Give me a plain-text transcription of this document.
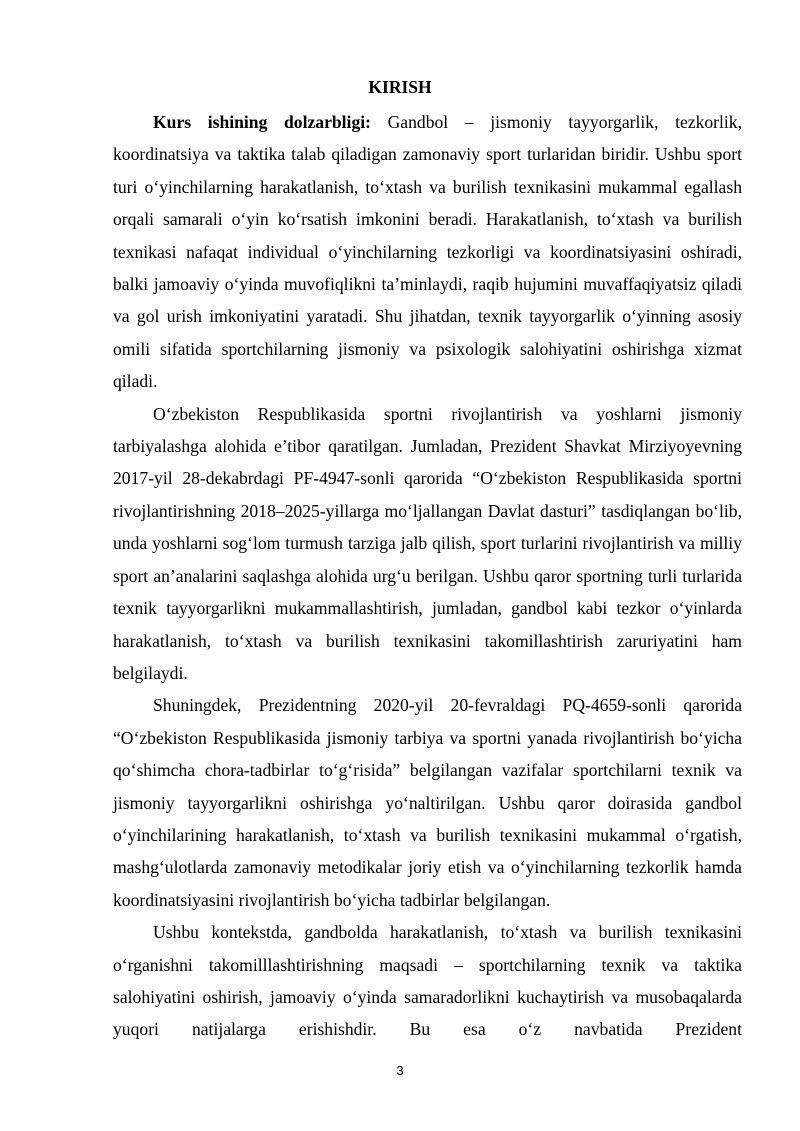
KIRISH

Kurs ishining dolzarbligi: Gandbol – jismoniy tayyorgarlik, tezkorlik, koordinatsiya va taktika talab qiladigan zamonaviy sport turlaridan biridir. Ushbu sport turi o‘yinchilarning harakatlanish, to‘xtash va burilish texnikasini mukammal egallash orqali samarali o‘yin ko‘rsatish imkonini beradi. Harakatlanish, to‘xtash va burilish texnikasi nafaqat individual o‘yinchilarning tezkorligi va koordinatsiyasini oshiradi, balki jamoaviy o‘yinda muvofiqlikni ta’minlaydi, raqib hujumini muvaffaqiyatsiz qiladi va gol urish imkoniyatini yaratadi. Shu jihatdan, texnik tayyorgarlik o‘yinning asosiy omili sifatida sportchilarning jismoniy va psixologik salohiyatini oshirishga xizmat qiladi.

O‘zbekiston Respublikasida sportni rivojlantirish va yoshlarni jismoniy tarbiyalashga alohida e’tibor qaratilgan. Jumladan, Prezident Shavkat Mirziyoyevning 2017-yil 28-dekabrdagi PF-4947-sonli qarorida “O‘zbekiston Respublikasida sportni rivojlantirishning 2018–2025-yillarga mo‘ljallangan Davlat dasturi” tasdiqlangan bo‘lib, unda yoshlarni sog‘lom turmush tarziga jalb qilish, sport turlarini rivojlantirish va milliy sport an’analarini saqlashga alohida urg‘u berilgan. Ushbu qaror sportning turli turlarida texnik tayyorgarlikni mukammallashtirish, jumladan, gandbol kabi tezkor o‘yinlarda harakatlanish, to‘xtash va burilish texnikasini takomillashtirish zaruriyatini ham belgilaydi.

Shuningdek, Prezidentning 2020-yil 20-fevraldagi PQ-4659-sonli qarorida “O‘zbekiston Respublikasida jismoniy tarbiya va sportni yanada rivojlantirish bo‘yicha qo‘shimcha chora-tadbirlar to‘g‘risida” belgilangan vazifalar sportchilarni texnik va jismoniy tayyorgarlikni oshirishga yo‘naltirilgan. Ushbu qaror doirasida gandbol o‘yinchilarining harakatlanish, to‘xtash va burilish texnikasini mukammal o‘rgatish, mashg‘ulotlarda zamonaviy metodikalar joriy etish va o‘yinchilarning tezkorlik hamda koordinatsiyasini rivojlantirish bo‘yicha tadbirlar belgilangan.

Ushbu kontekstda, gandbolda harakatlanish, to‘xtash va burilish texnikasini o‘rganishni takomilllashtirishning maqsadi – sportchilarning texnik va taktika salohiyatini oshirish, jamoaviy o‘yinda samaradorlikni kuchaytirish va musobaqalarda yuqori natijalarga erishishdir. Bu esa o‘z navbatida Prezident

3
